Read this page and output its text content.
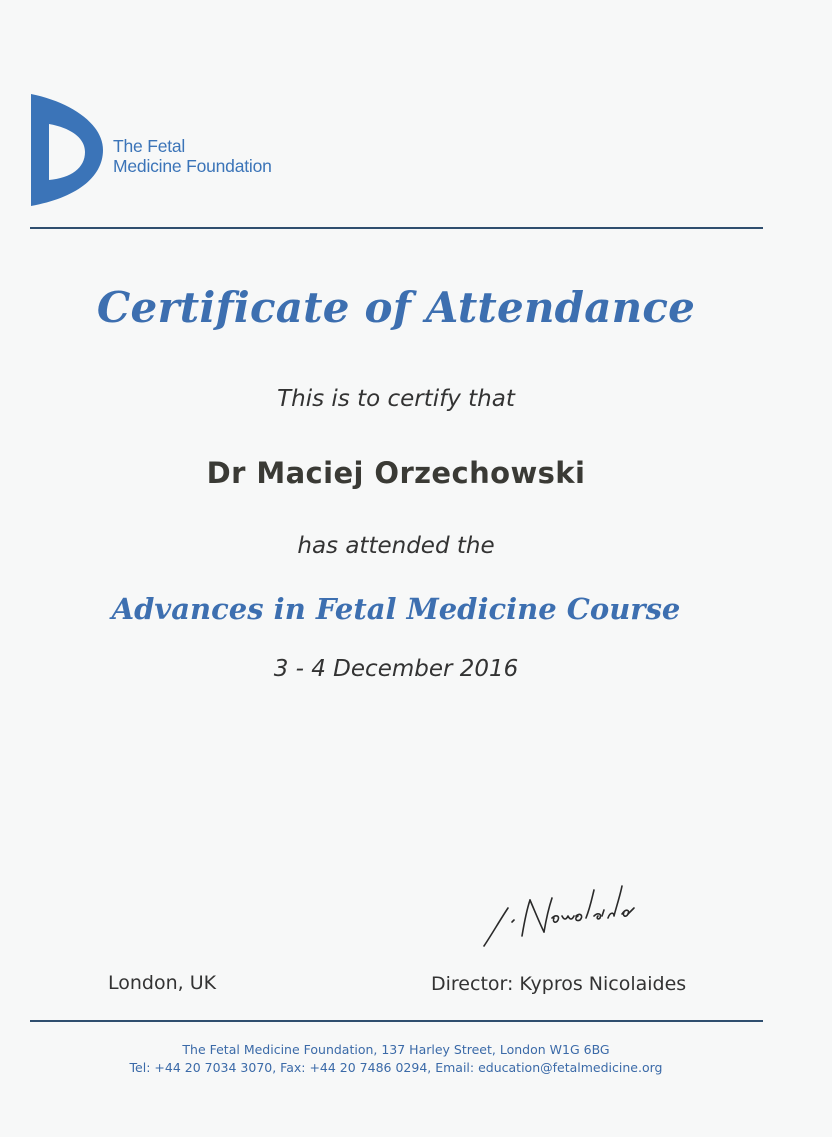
The Fetal
Medicine Foundation
Certificate of Attendance
This is to certify that
Dr Maciej Orzechowski
has attended the
Advances in Fetal Medicine Course
3 - 4 December 2016
London, UK	Director: Kypros Nicolaides
The Fetal Medicine Foundation, 137 Harley Street, London W1G 6BG
Tel: +44 20 7034 3070, Fax: +44 20 7486 0294, Email: education@fetalmedicine.org
